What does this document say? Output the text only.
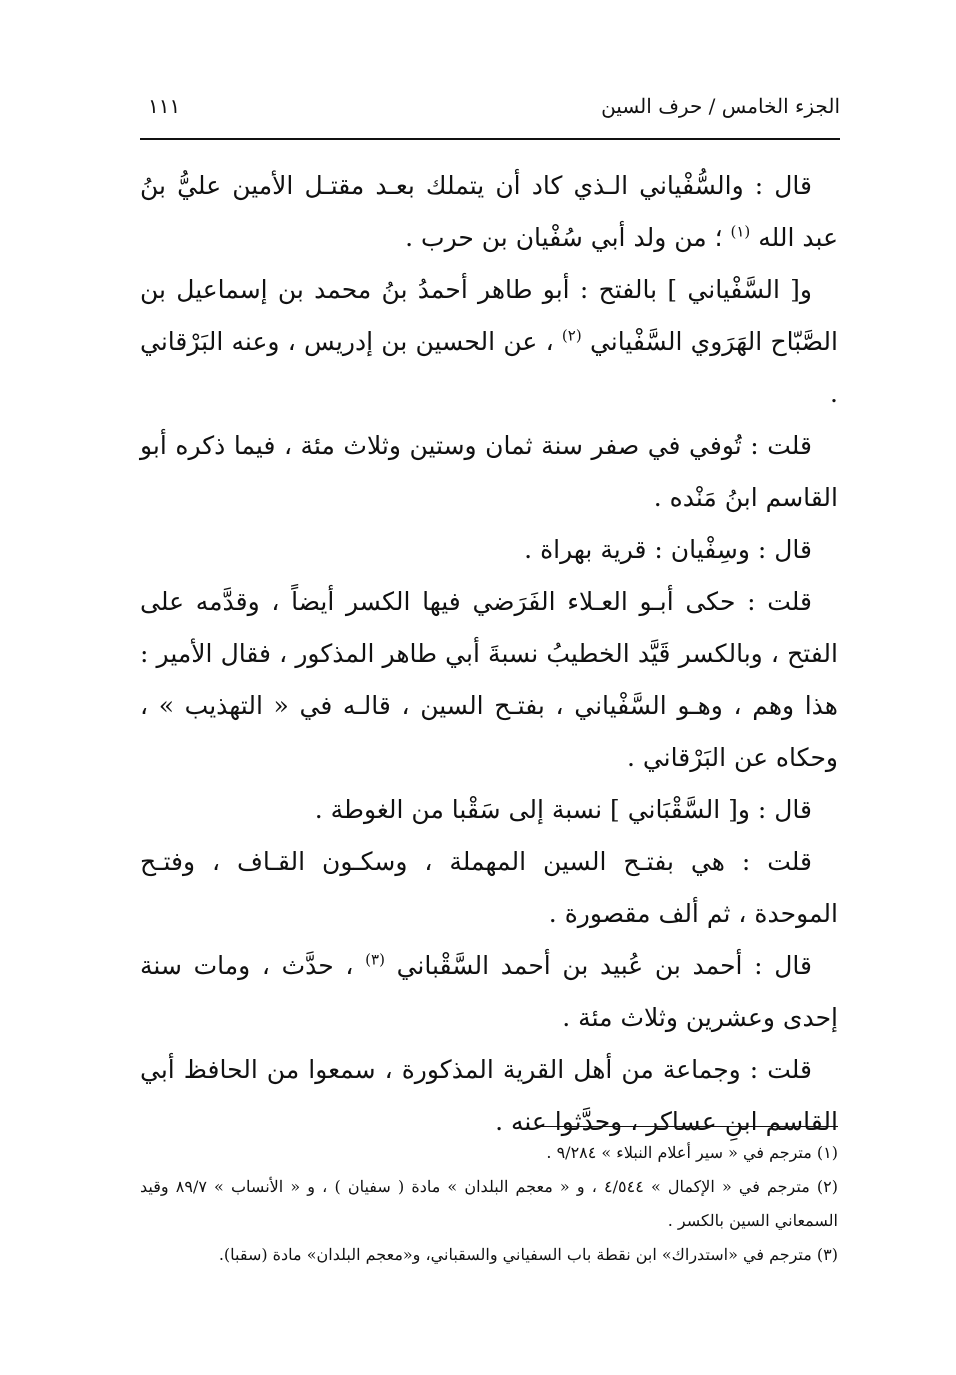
الجزء الخامس / حرف السين
١١١

قال : والسُّفْياني الـذي كاد أن يتملك بعـد مقتـل الأمين عليُّ بنُ عبد الله $^{(١)}$ ؛ من ولد أبي سُفْيان بن حرب .

و[ السَّفْياني ] بالفتح : أبو طاهر أحمدُ بنُ محمد بن إسماعيل بن الصَّبّاح الهَرَوي السَّفْياني $^{(٢)}$ ، عن الحسين بن إدريس ، وعنه البَرْقاني .

قلت : تُوفي في صفر سنة ثمان وستين وثلاث مئة ، فيما ذكره أبو القاسم ابنُ مَنْده .

قال : وسِفْيان : قرية بهراة .

قلت : حكى أبـو العـلاء الفَرَضي فيها الكسر أيضاً ، وقدَّمه على الفتح ، وبالكسر قَيَّد الخطيبُ نسبةَ أبي طاهر المذكور ، فقال الأمير : هذا وهم ، وهـو السَّفْياني ، بفتـح السين ، قالـه في « التهذيب » ، وحكاه عن البَرْقاني .

قال : و[ السَّقْبَاني ] نسبة إلى سَقْبا من الغوطة .

قلت : هي بفتـح السين المهملة ، وسكـون القـاف ، وفتـح الموحدة ، ثم ألف مقصورة .

قال : أحمد بن عُبيد بن أحمد السَّقْباني $^{(٣)}$ ، حدَّث ، ومات سنة إحدى وعشرين وثلاث مئة .

قلت : وجماعة من أهل القرية المذكورة ، سمعوا من الحافظ أبي القاسم ابنِ عساكر ، وحدَّثوا عنه .

(١) مترجم في « سير أعلام النبلاء » ٩/٢٨٤ .

(٢) مترجم في « الإكمال » ٤/٥٤٤ ، و « معجم البلدان » مادة ( سفيان ) ، و « الأنساب » ٨٩/٧ وقيد السمعاني السين بالكسر .

(٣) مترجم في «استدراك» ابن نقطة باب السفياني والسقباني، و«معجم البلدان» مادة (سقبا).
